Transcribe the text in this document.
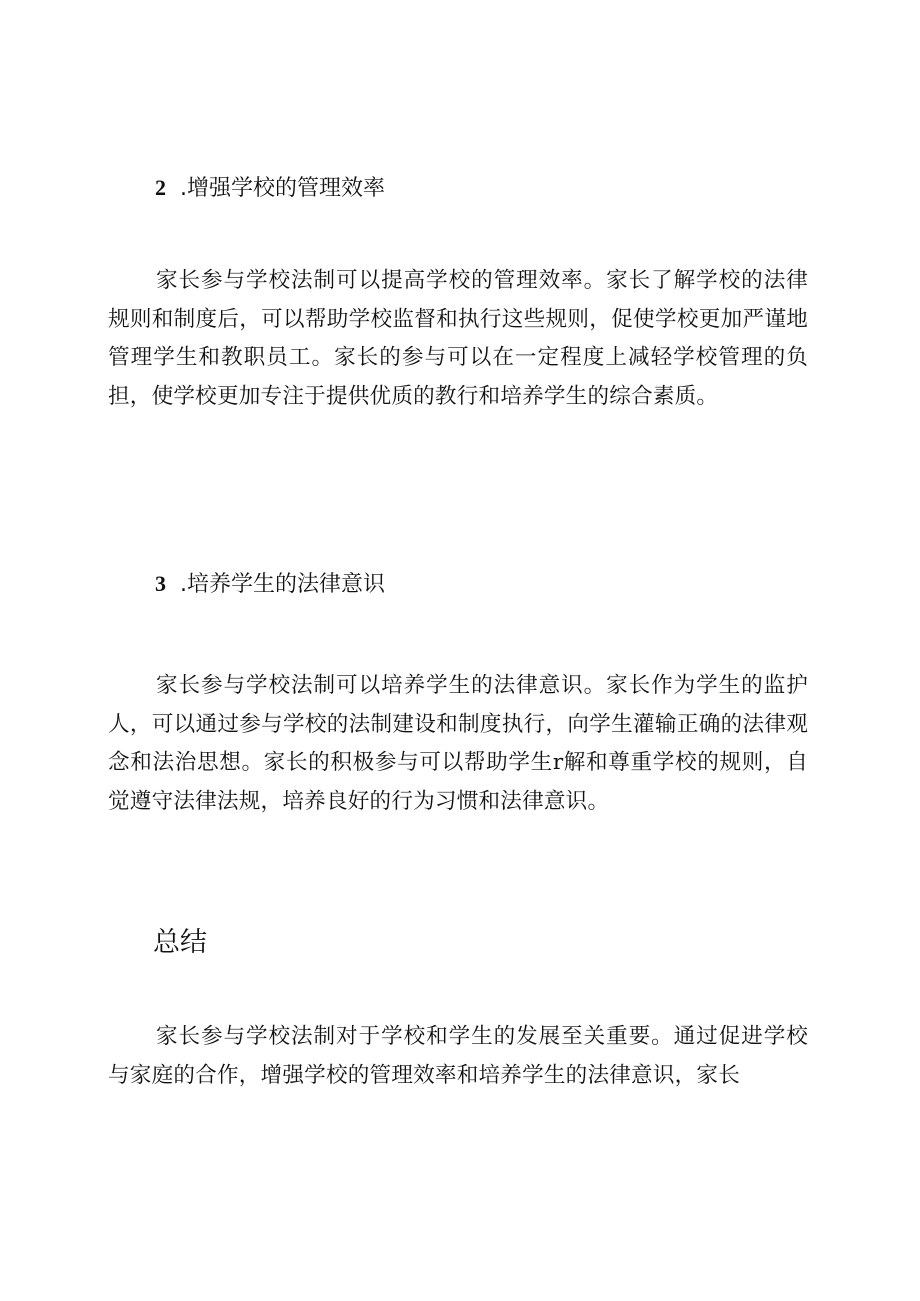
2 .增强学校的管理效率
家长参与学校法制可以提高学校的管理效率。家长了解学校的法律规则和制度后，可以帮助学校监督和执行这些规则，促使学校更加严谨地管理学生和教职员工。家长的参与可以在一定程度上减轻学校管理的负担，使学校更加专注于提供优质的教行和培养学生的综合素质。
3 .培养学生的法律意识
家长参与学校法制可以培养学生的法律意识。家长作为学生的监护人，可以通过参与学校的法制建设和制度执行，向学生灌输正确的法律观念和法治思想。家长的积极参与可以帮助学生r解和尊重学校的规则，自觉遵守法律法规，培养良好的行为习惯和法律意识。
总结
家长参与学校法制对于学校和学生的发展至关重要。通过促进学校与家庭的合作，增强学校的管理效率和培养学生的法律意识，家长
